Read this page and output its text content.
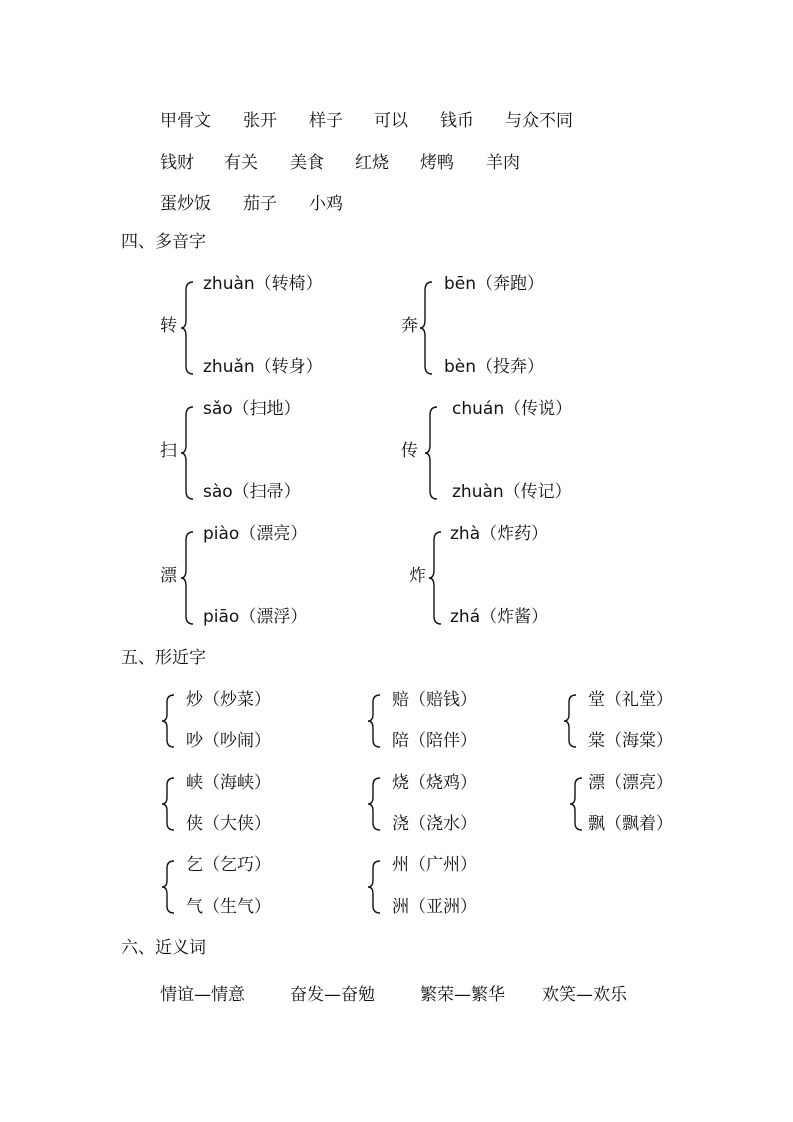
甲骨文 张开 样子 可以 钱币 与众不同
钱财 有关 美食 红烧 烤鸭 羊肉
蛋炒饭 茄子 小鸡
四、多音字
转
zhuàn（转椅）
zhuǎn（转身）
奔
bēn（奔跑）
bèn（投奔）
扫
sǎo（扫地）
sào（扫帚）
传
chuán（传说）
zhuàn（传记）
漂
piào（漂亮）
piāo（漂浮）
炸
zhà（炸药）
zhá（炸酱）
五、形近字
炒（炒菜）
吵（吵闹）
赔（赔钱）
陪（陪伴）
堂（礼堂）
棠（海棠）
峡（海峡）
侠（大侠）
烧（烧鸡）
浇（浇水）
漂（漂亮）
飘（飘着）
乞（乞巧）
气（生气）
州（广州）
洲（亚洲）
六、近义词
情谊—情意	奋发—奋勉	繁荣—繁华 欢笑—欢乐
